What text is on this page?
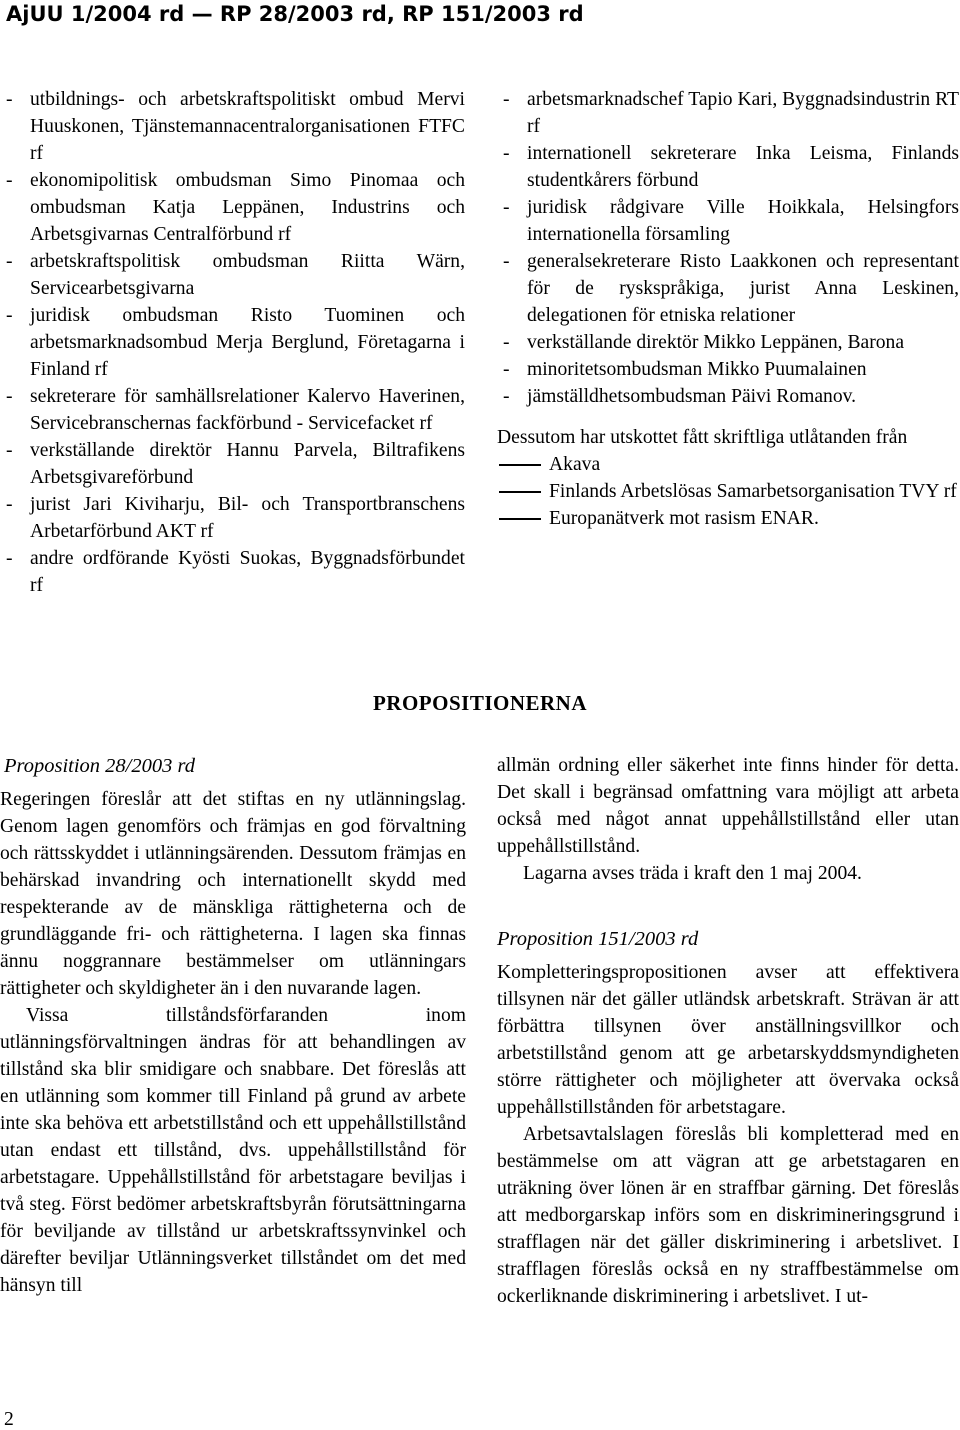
AjUU 1/2004 rd — RP 28/2003 rd, RP 151/2003 rd
- utbildnings- och arbetskraftspolitiskt ombud Mervi Huuskonen, Tjänstemannacentralorganisationen FTFC rf
- ekonomipolitisk ombudsman Simo Pinomaa och ombudsman Katja Leppänen, Industrins och Arbetsgivarnas Centralförbund rf
- arbetskraftspolitisk ombudsman Riitta Wärn, Servicearbetsgivarna
- juridisk ombudsman Risto Tuominen och arbetsmarknadsombud Merja Berglund, Företagarna i Finland rf
- sekreterare för samhällsrelationer Kalervo Haverinen, Servicebranschernas fackförbund - Servicefacket rf
- verkställande direktör Hannu Parvela, Biltrafikens Arbetsgivareförbund
- jurist Jari Kiviharju, Bil- och Transportbranschens Arbetarförbund AKT rf
- andre ordförande Kyösti Suokas, Byggnadsförbundet rf
- arbetsmarknadschef Tapio Kari, Byggnadsindustrin RT rf
- internationell sekreterare Inka Leisma, Finlands studentkårers förbund
- juridisk rådgivare Ville Hoikkala, Helsingfors internationella församling
- generalsekreterare Risto Laakkonen och representant för de ryskspråkiga, jurist Anna Leskinen, delegationen för etniska relationer
- verkställande direktör Mikko Leppänen, Barona
- minoritetsombudsman Mikko Puumalainen
- jämställdhetsombudsman Päivi Romanov.
Dessutom har utskottet fått skriftliga utlåtanden från
Akava
Finlands Arbetslösas Samarbetsorganisation TVY rf
Europanätverk mot rasism ENAR.
PROPOSITIONERNA
Proposition 28/2003 rd
Regeringen föreslår att det stiftas en ny utlänningslag. Genom lagen genomförs och främjas en god förvaltning och rättsskyddet i utlänningsärenden. Dessutom främjas en behärskad invandring och internationellt skydd med respekterande av de mänskliga rättigheterna och de grundläggande fri- och rättigheterna. I lagen ska finnas ännu noggrannare bestämmelser om utlänningars rättigheter och skyldigheter än i den nuvarande lagen.
Vissa tillståndsförfaranden inom utlänningsförvaltningen ändras för att behandlingen av tillstånd ska blir smidigare och snabbare. Det föreslås att en utlänning som kommer till Finland på grund av arbete inte ska behöva ett arbetstillstånd och ett uppehållstillstånd utan endast ett tillstånd, dvs. uppehållstillstånd för arbetstagare. Uppehållstillstånd för arbetstagare beviljas i två steg. Först bedömer arbetskraftsbyrån förutsättningarna för beviljande av tillstånd ur arbetskraftssynvinkel och därefter beviljar Utlänningsverket tillståndet om det med hänsyn till
allmän ordning eller säkerhet inte finns hinder för detta. Det skall i begränsad omfattning vara möjligt att arbeta också med något annat uppehållstillstånd eller utan uppehållstillstånd.
Lagarna avses träda i kraft den 1 maj 2004.
Proposition 151/2003 rd
Kompletteringspropositionen avser att effektivera tillsynen när det gäller utländsk arbetskraft. Strävan är att förbättra tillsynen över anställningsvillkor och arbetstillstånd genom att ge arbetarskyddsmyndigheten större rättigheter och möjligheter att övervaka också uppehållstillstånden för arbetstagare.
Arbetsavtalslagen föreslås bli kompletterad med en bestämmelse om att vägran att ge arbetstagaren en uträkning över lönen är en straffbar gärning. Det föreslås att medborgarskap införs som en diskrimineringsgrund i strafflagen när det gäller diskriminering i arbetslivet. I strafflagen föreslås också en ny straffbestämmelse om ockerliknande diskriminering i arbetslivet. I ut-
2
